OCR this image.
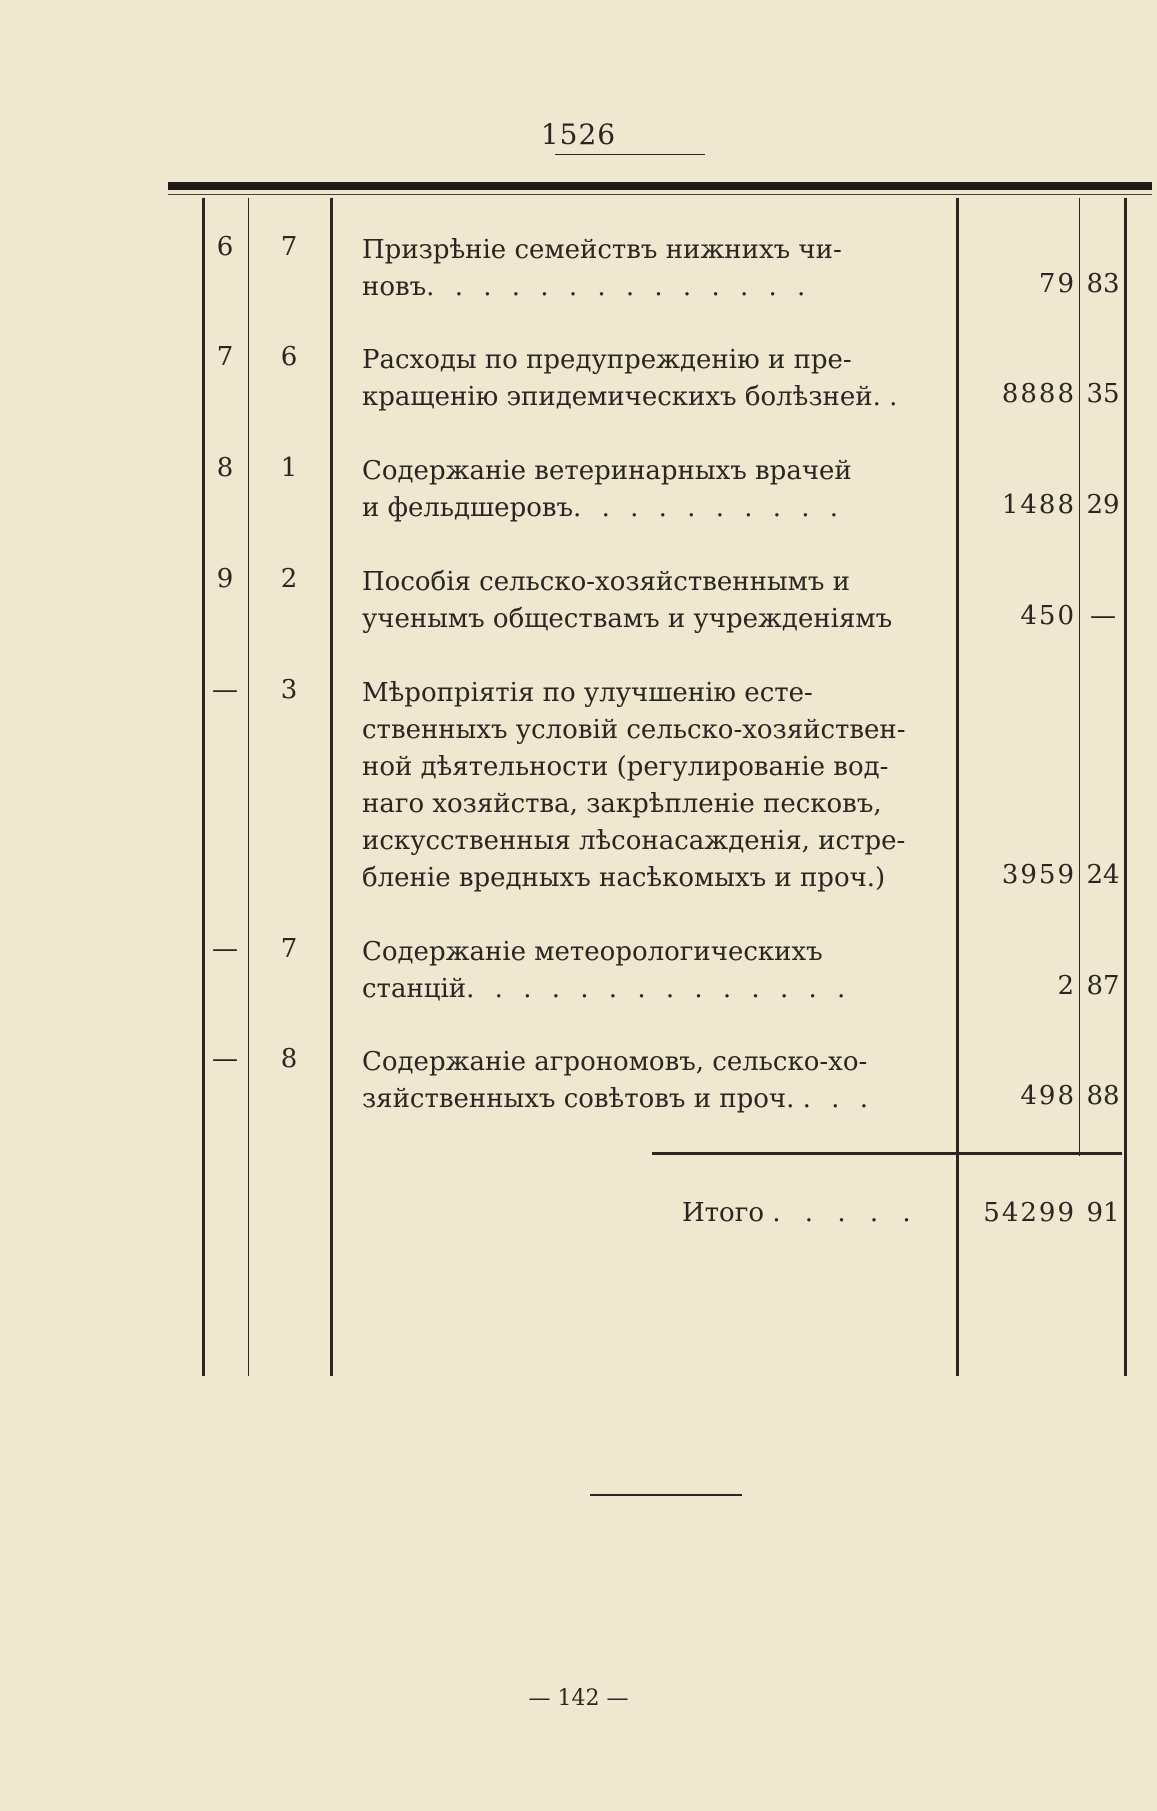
1526
6	7	Призрѣніе семействъ нижнихъ чи-
новъ. . . . . . . . . . . . . .	79 83
7	6	Расходы по предупрежденію и пре-
кращенію эпидемическихъ болѣзней. .	8888 35
8	1	Содержаніе ветеринарныхъ врачей
и фельдшеровъ. . . . . . . . . .	1488 29
9	2	Пособія сельско-хозяйственнымъ и
ученымъ обществамъ и учрежденіямъ	450 —
—	3	Мѣропріятія по улучшенію есте-
ственныхъ условій сельско-хозяйствен-
ной дѣятельности (регулированіе вод-
наго хозяйства, закрѣпленіе песковъ,
искусственныя лѣсонасажденія, истре-
бленіе вредныхъ насѣкомыхъ и проч.)	3959 24
—	7	Содержаніе метеорологическихъ
станцій. . . . . . . . . . . . . .	2 87
—	8	Содержаніе агрономовъ, сельско-хо-
зяйственныхъ совѣтовъ и проч. . . .	498 88
Итого . . . . .	54299 91
— 142 —
